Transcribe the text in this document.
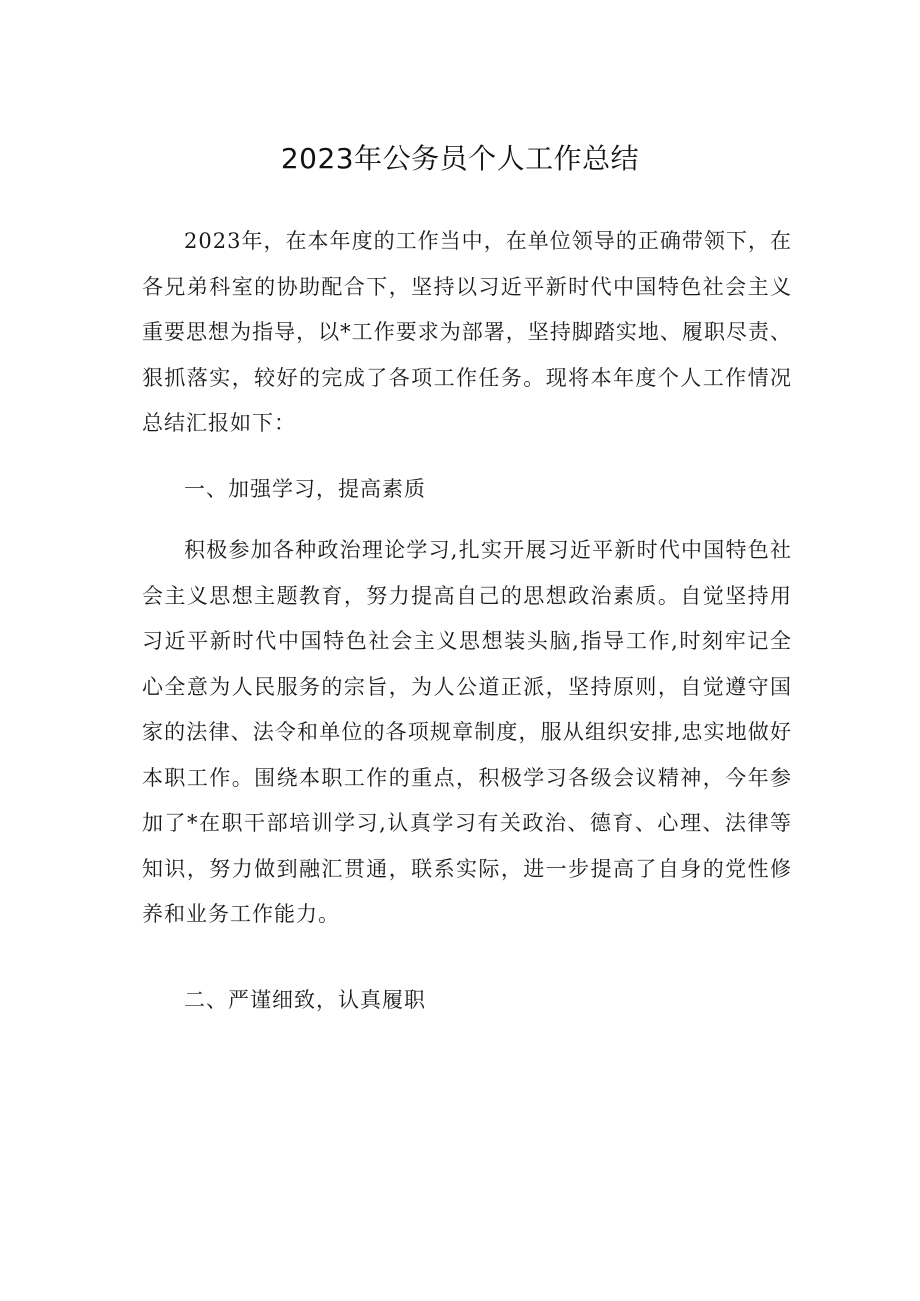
2023年公务员个人工作总结

2023年，在本年度的工作当中，在单位领导的正确带领下，在各兄弟科室的协助配合下，坚持以习近平新时代中国特色社会主义重要思想为指导，以*工作要求为部署，坚持脚踏实地、履职尽责、狠抓落实，较好的完成了各项工作任务。现将本年度个人工作情况总结汇报如下：

一、加强学习，提高素质

积极参加各种政治理论学习,扎实开展习近平新时代中国特色社会主义思想主题教育，努力提高自己的思想政治素质。自觉坚持用习近平新时代中国特色社会主义思想装头脑,指导工作,时刻牢记全心全意为人民服务的宗旨，为人公道正派，坚持原则，自觉遵守国家的法律、法令和单位的各项规章制度，服从组织安排,忠实地做好本职工作。围绕本职工作的重点，积极学习各级会议精神，今年参加了*在职干部培训学习,认真学习有关政治、德育、心理、法律等知识，努力做到融汇贯通，联系实际，进一步提高了自身的党性修养和业务工作能力。

二、严谨细致，认真履职
